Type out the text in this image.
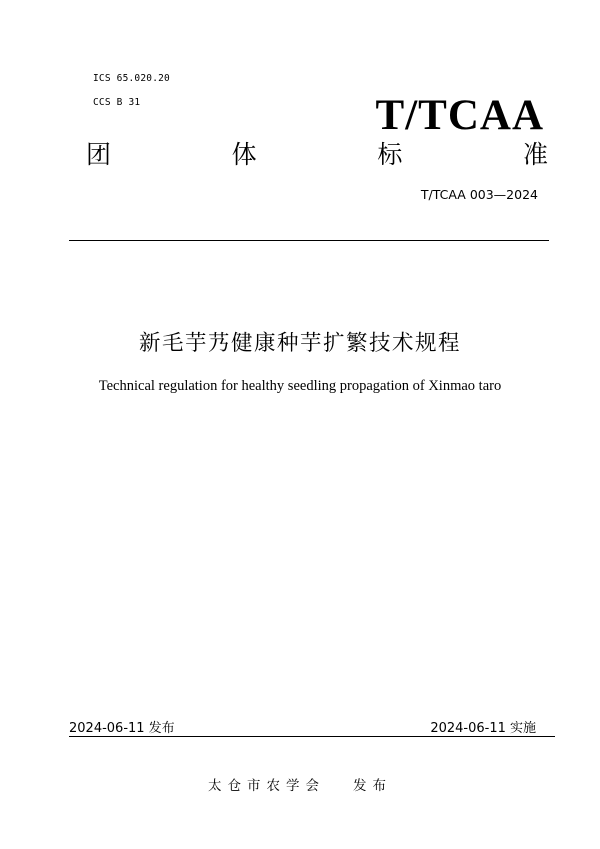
ICS 65.020.20
CCS B 31	T/TCAA
团	体	标	准
T/TCAA 003—2024
新毛芋艿健康种芋扩繁技术规程
Technical regulation for healthy seedling propagation of Xinmao taro
2024-06-11 发布	2024-06-11 实施
太仓市农学会 发布
